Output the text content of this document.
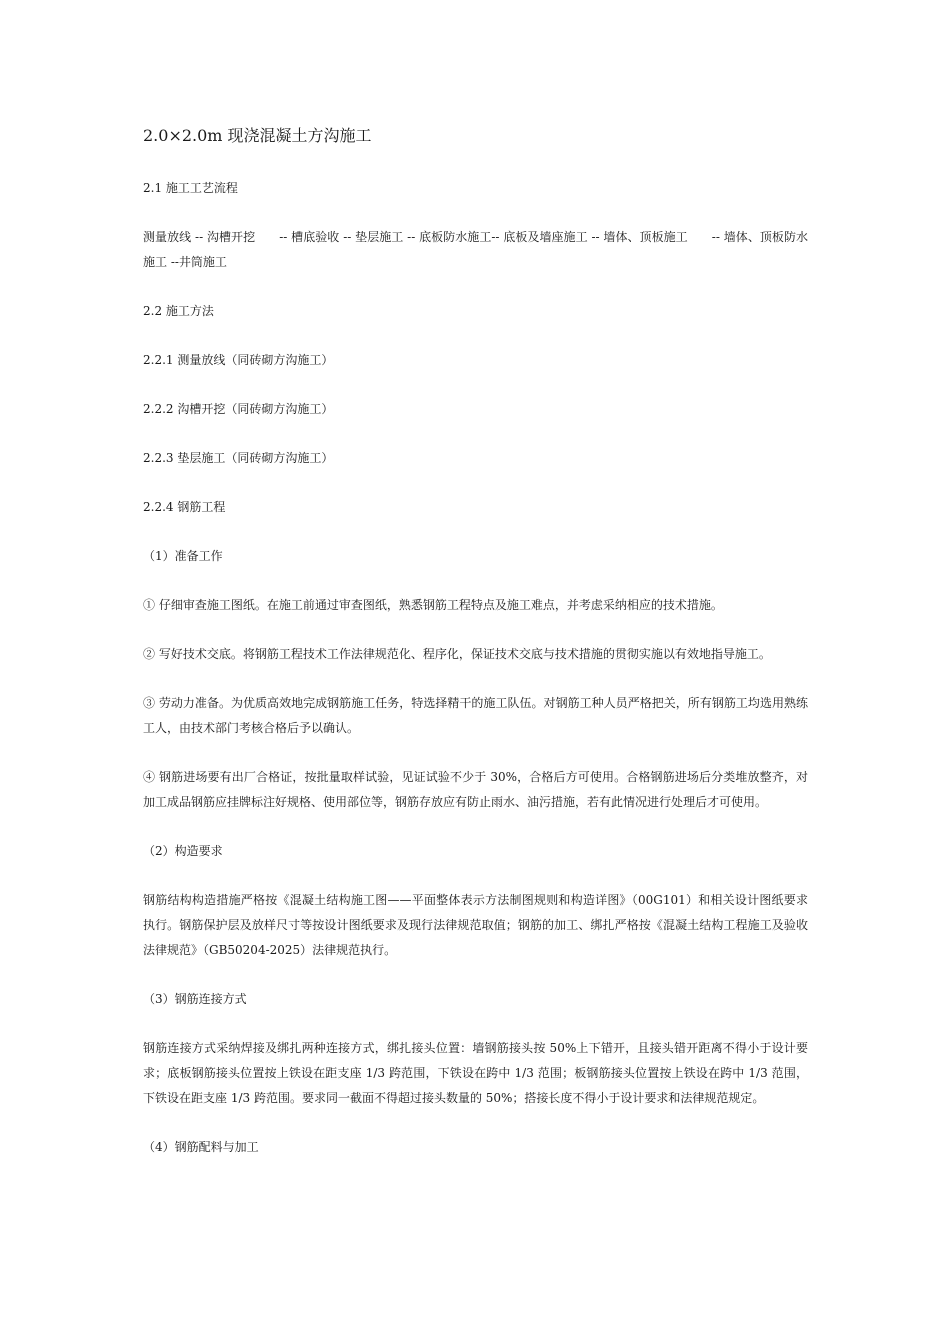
2.0×2.0m 现浇混凝土方沟施工

2.1 施工工艺流程

测量放线 -- 沟槽开挖　　-- 槽底验收 -- 垫层施工 -- 底板防水施工-- 底板及墙座施工 -- 墙体、顶板施工　　-- 墙体、顶板防水施工 --井筒施工

2.2 施工方法

2.2.1 测量放线（同砖砌方沟施工）

2.2.2 沟槽开挖（同砖砌方沟施工）

2.2.3 垫层施工（同砖砌方沟施工）

2.2.4 钢筋工程

（1）准备工作

① 仔细审查施工图纸。在施工前通过审查图纸，熟悉钢筋工程特点及施工难点，并考虑采纳相应的技术措施。

② 写好技术交底。将钢筋工程技术工作法律规范化、程序化，保证技术交底与技术措施的贯彻实施以有效地指导施工。

③ 劳动力准备。为优质高效地完成钢筋施工任务，特选择精干的施工队伍。对钢筋工种人员严格把关，所有钢筋工均选用熟练工人，由技术部门考核合格后予以确认。

④ 钢筋进场要有出厂合格证，按批量取样试验，见证试验不少于 30%，合格后方可使用。合格钢筋进场后分类堆放整齐，对加工成品钢筋应挂牌标注好规格、使用部位等，钢筋存放应有防止雨水、油污措施，若有此情况进行处理后才可使用。

（2）构造要求

钢筋结构构造措施严格按《混凝土结构施工图——平面整体表示方法制图规则和构造详图》（00G101）和相关设计图纸要求执行。钢筋保护层及放样尺寸等按设计图纸要求及现行法律规范取值；钢筋的加工、绑扎严格按《混凝土结构工程施工及验收法律规范》（GB50204-2025）法律规范执行。

（3）钢筋连接方式

钢筋连接方式采纳焊接及绑扎两种连接方式，绑扎接头位置：墙钢筋接头按 50%上下错开，且接头错开距离不得小于设计要求；底板钢筋接头位置按上铁设在距支座 1/3 跨范围，下铁设在跨中 1/3 范围；板钢筋接头位置按上铁设在跨中 1/3 范围，下铁设在距支座 1/3 跨范围。要求同一截面不得超过接头数量的 50%；搭接长度不得小于设计要求和法律规范规定。

（4）钢筋配料与加工
